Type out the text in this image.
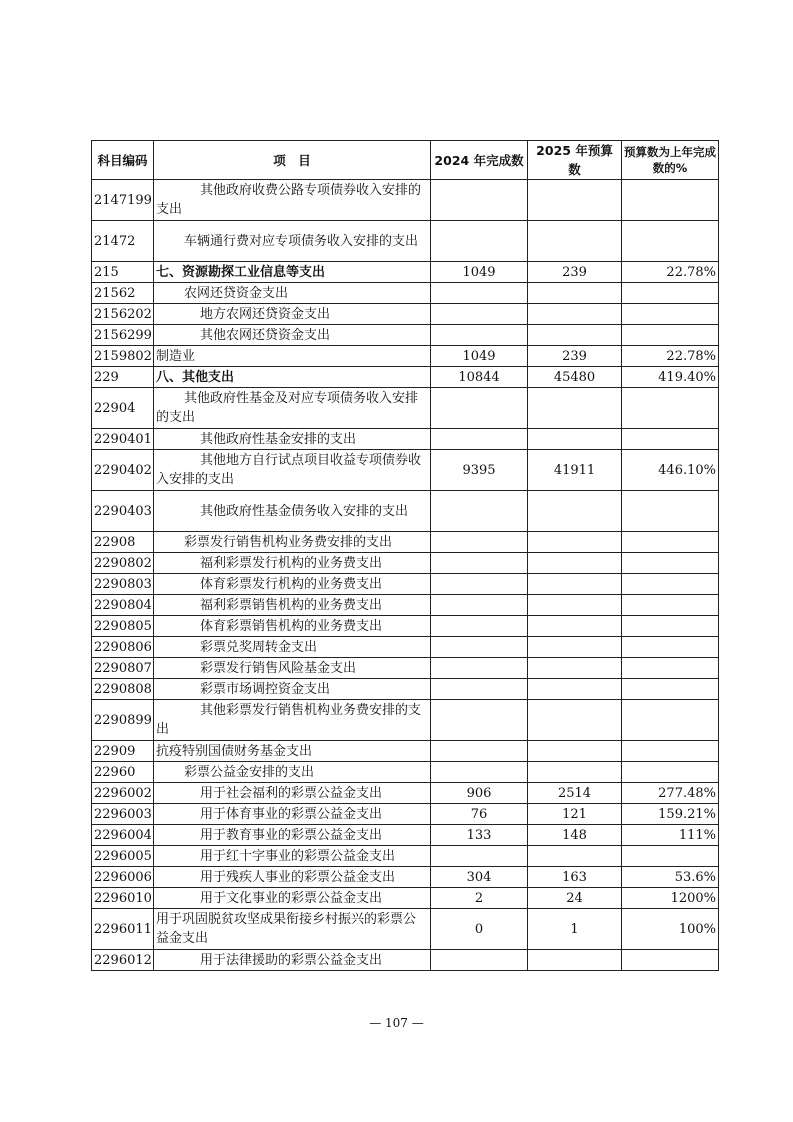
科目编码	项　目	2024 年完成数	2025 年预算数	预算数为上年完成数的%
2147199	其他政府收费公路专项债券收入安排的支出			
21472	车辆通行费对应专项债务收入安排的支出			
215	七、资源勘探工业信息等支出	1049	239	22.78%
21562	农网还贷资金支出			
2156202	地方农网还贷资金支出			
2156299	其他农网还贷资金支出			
2159802	制造业	1049	239	22.78%
229	八、其他支出	10844	45480	419.40%
22904	其他政府性基金及对应专项债务收入安排的支出			
2290401	其他政府性基金安排的支出			
2290402	其他地方自行试点项目收益专项债券收入安排的支出	9395	41911	446.10%
2290403	其他政府性基金债务收入安排的支出			
22908	彩票发行销售机构业务费安排的支出			
2290802	福利彩票发行机构的业务费支出			
2290803	体育彩票发行机构的业务费支出			
2290804	福利彩票销售机构的业务费支出			
2290805	体育彩票销售机构的业务费支出			
2290806	彩票兑奖周转金支出			
2290807	彩票发行销售风险基金支出			
2290808	彩票市场调控资金支出			
2290899	其他彩票发行销售机构业务费安排的支出			
22909	抗疫特别国债财务基金支出			
22960	彩票公益金安排的支出			
2296002	用于社会福利的彩票公益金支出	906	2514	277.48%
2296003	用于体育事业的彩票公益金支出	76	121	159.21%
2296004	用于教育事业的彩票公益金支出	133	148	111%
2296005	用于红十字事业的彩票公益金支出			
2296006	用于残疾人事业的彩票公益金支出	304	163	53.6%
2296010	用于文化事业的彩票公益金支出	2	24	1200%
2296011	用于巩固脱贫攻坚成果衔接乡村振兴的彩票公益金支出	0	1	100%
2296012	用于法律援助的彩票公益金支出			
— 107 —
